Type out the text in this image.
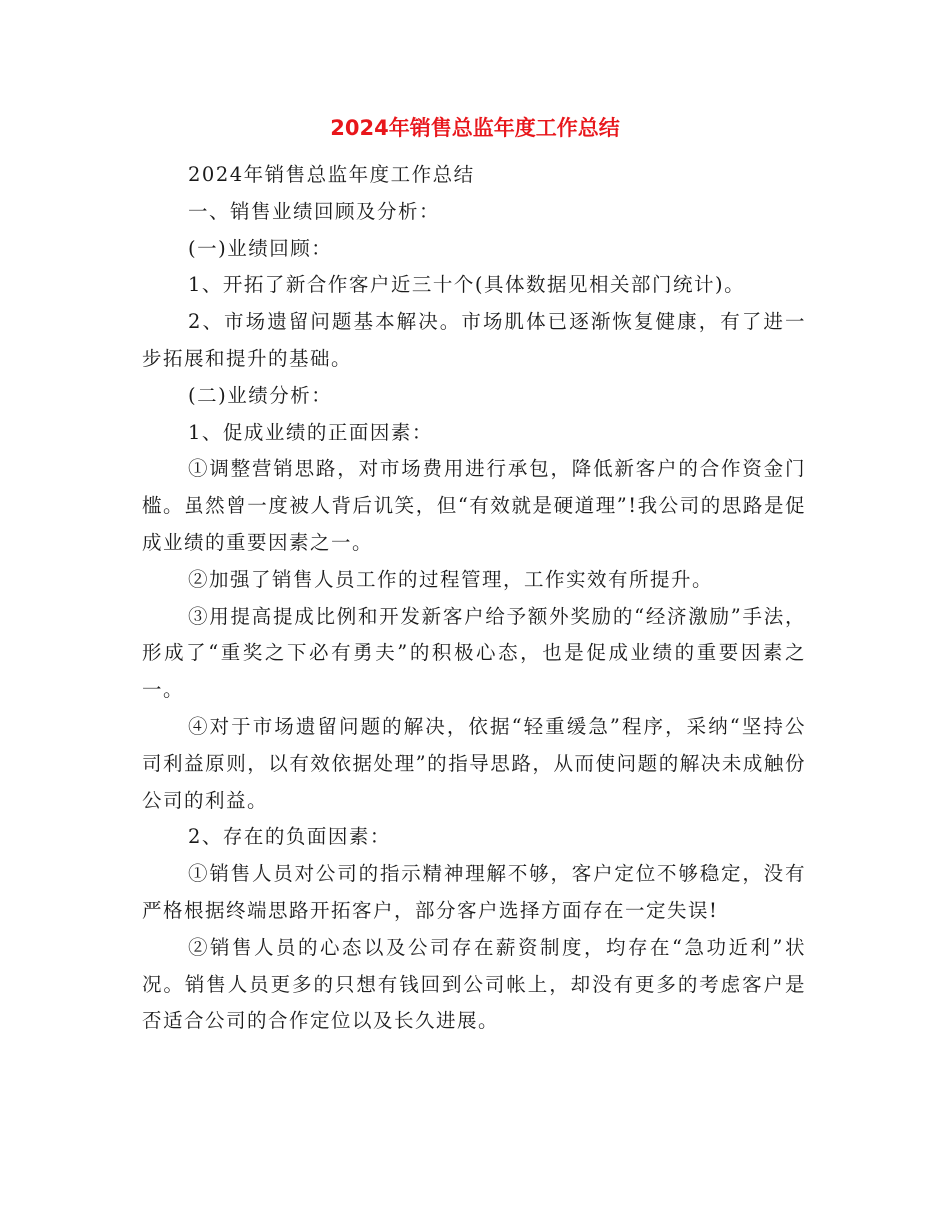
2024年销售总监年度工作总结

2024年销售总监年度工作总结

一、销售业绩回顾及分析：

(一)业绩回顾：

1、开拓了新合作客户近三十个(具体数据见相关部门统计)。

2、市场遗留问题基本解决。市场肌体已逐渐恢复健康，有了进一步拓展和提升的基础。

(二)业绩分析：

1、促成业绩的正面因素：

①调整营销思路，对市场费用进行承包，降低新客户的合作资金门槛。虽然曾一度被人背后讥笑，但“有效就是硬道理”!我公司的思路是促成业绩的重要因素之一。

②加强了销售人员工作的过程管理，工作实效有所提升。

③用提高提成比例和开发新客户给予额外奖励的“经济激励”手法，形成了“重奖之下必有勇夫”的积极心态，也是促成业绩的重要因素之一。

④对于市场遗留问题的解决，依据“轻重缓急”程序，采纳“坚持公司利益原则，以有效依据处理”的指导思路，从而使问题的解决未成触份公司的利益。

2、存在的负面因素：

①销售人员对公司的指示精神理解不够，客户定位不够稳定，没有严格根据终端思路开拓客户，部分客户选择方面存在一定失误!

②销售人员的心态以及公司存在薪资制度，均存在“急功近利”状况。销售人员更多的只想有钱回到公司帐上，却没有更多的考虑客户是否适合公司的合作定位以及长久进展。
